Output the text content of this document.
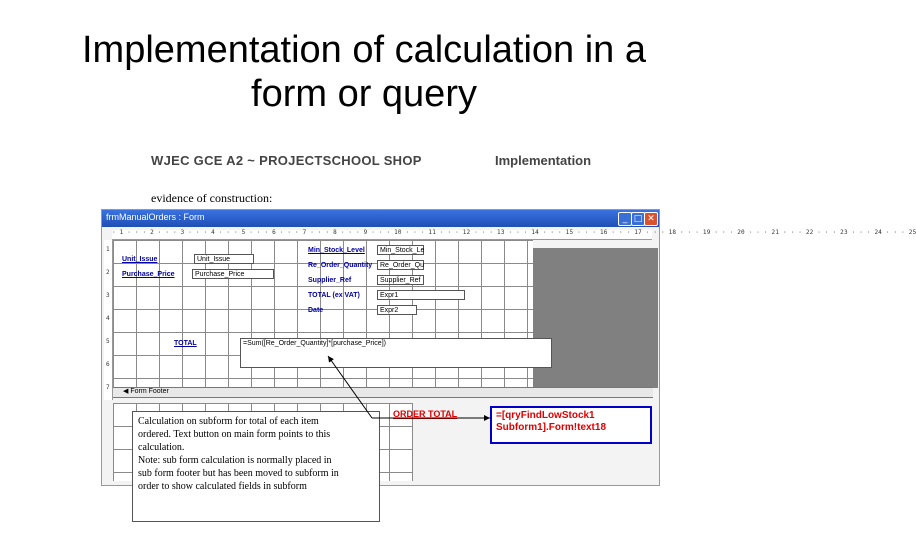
Implementation of calculation in a
form or query
WJEC GCE A2 ~ PROJECTSCHOOL SHOP	Implementation
evidence of construction:
frmManualOrders : Form	_ □ ✕
· 1 · · · 2 · · · 3 · · · 4 · · · 5 · · · 6 · · · 7 · · · 8 · · · 9 · · · 10 · · · 11 · · · 12 · · · 13 · · · 14 · · · 15 · · · 16 · · · 17 · · · 18 · · · 19 · · · 20 · · · 21 · · · 22 · · · 23 · · · 24 · · · 25
1
2
3
4
5
6
7
Unit_Issue	Unit_Issue
Purchase_Price	Purchase_Price
Min_Stock_Level	Min_Stock_Le
Re_Order_Quantity	Re_Order_Qu
Supplier_Ref	Supplier_Ref
TOTAL (ex VAT)	Expr1
Date	Expr2
TOTAL	=Sum([Re_Order_Quantity]*[purchase_Price])
◀ Form Footer
ORDER TOTAL	=[qryFindLowStock1
Subform1].Form!text18
Calculation on subform for total of each item
ordered. Text button on main form points to this
calculation.
Note: sub form calculation is normally placed in
sub form footer but has been moved to subform in
order to show calculated fields in subform
